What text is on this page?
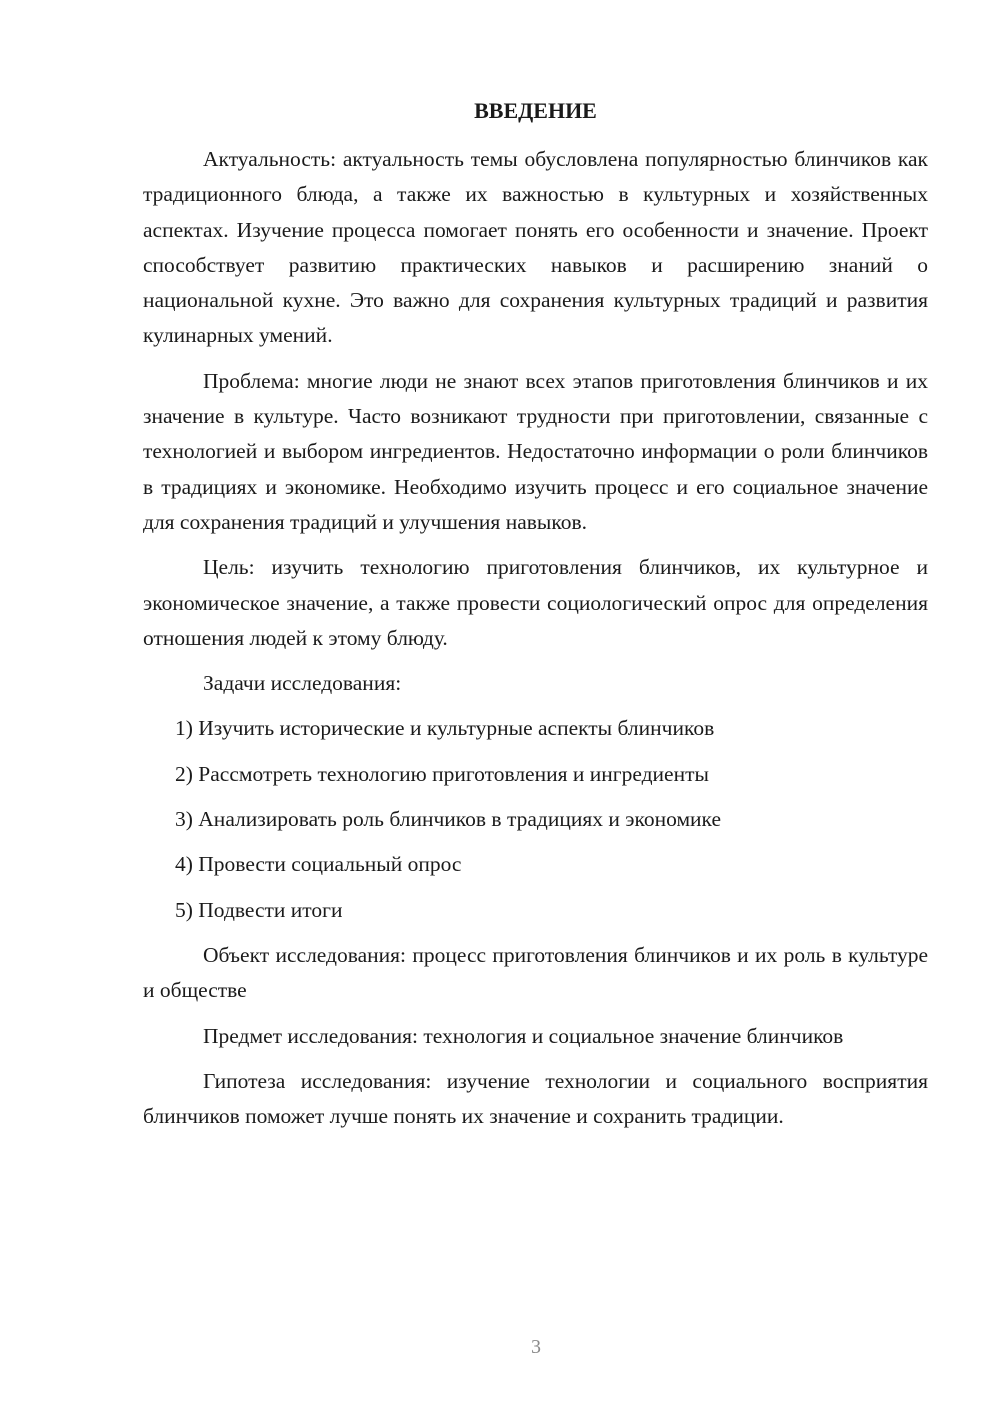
ВВЕДЕНИЕ

Актуальность: актуальность темы обусловлена популярностью блинчиков как традиционного блюда, а также их важностью в культурных и хозяйственных аспектах. Изучение процесса помогает понять его особенности и значение. Проект способствует развитию практических навыков и расширению знаний о национальной кухне. Это важно для сохранения культурных традиций и развития кулинарных умений.

Проблема: многие люди не знают всех этапов приготовления блинчиков и их значение в культуре. Часто возникают трудности при приготовлении, связанные с технологией и выбором ингредиентов. Недостаточно информации о роли блинчиков в традициях и экономике. Необходимо изучить процесс и его социальное значение для сохранения традиций и улучшения навыков.

Цель: изучить технологию приготовления блинчиков, их культурное и экономическое значение, а также провести социологический опрос для определения отношения людей к этому блюду.

Задачи исследования:

1) Изучить исторические и культурные аспекты блинчиков
2) Рассмотреть технологию приготовления и ингредиенты
3) Анализировать роль блинчиков в традициях и экономике
4) Провести социальный опрос
5) Подвести итоги

Объект исследования: процесс приготовления блинчиков и их роль в культуре и обществе

Предмет исследования: технология и социальное значение блинчиков

Гипотеза исследования: изучение технологии и социального восприятия блинчиков поможет лучше понять их значение и сохранить традиции.

3
